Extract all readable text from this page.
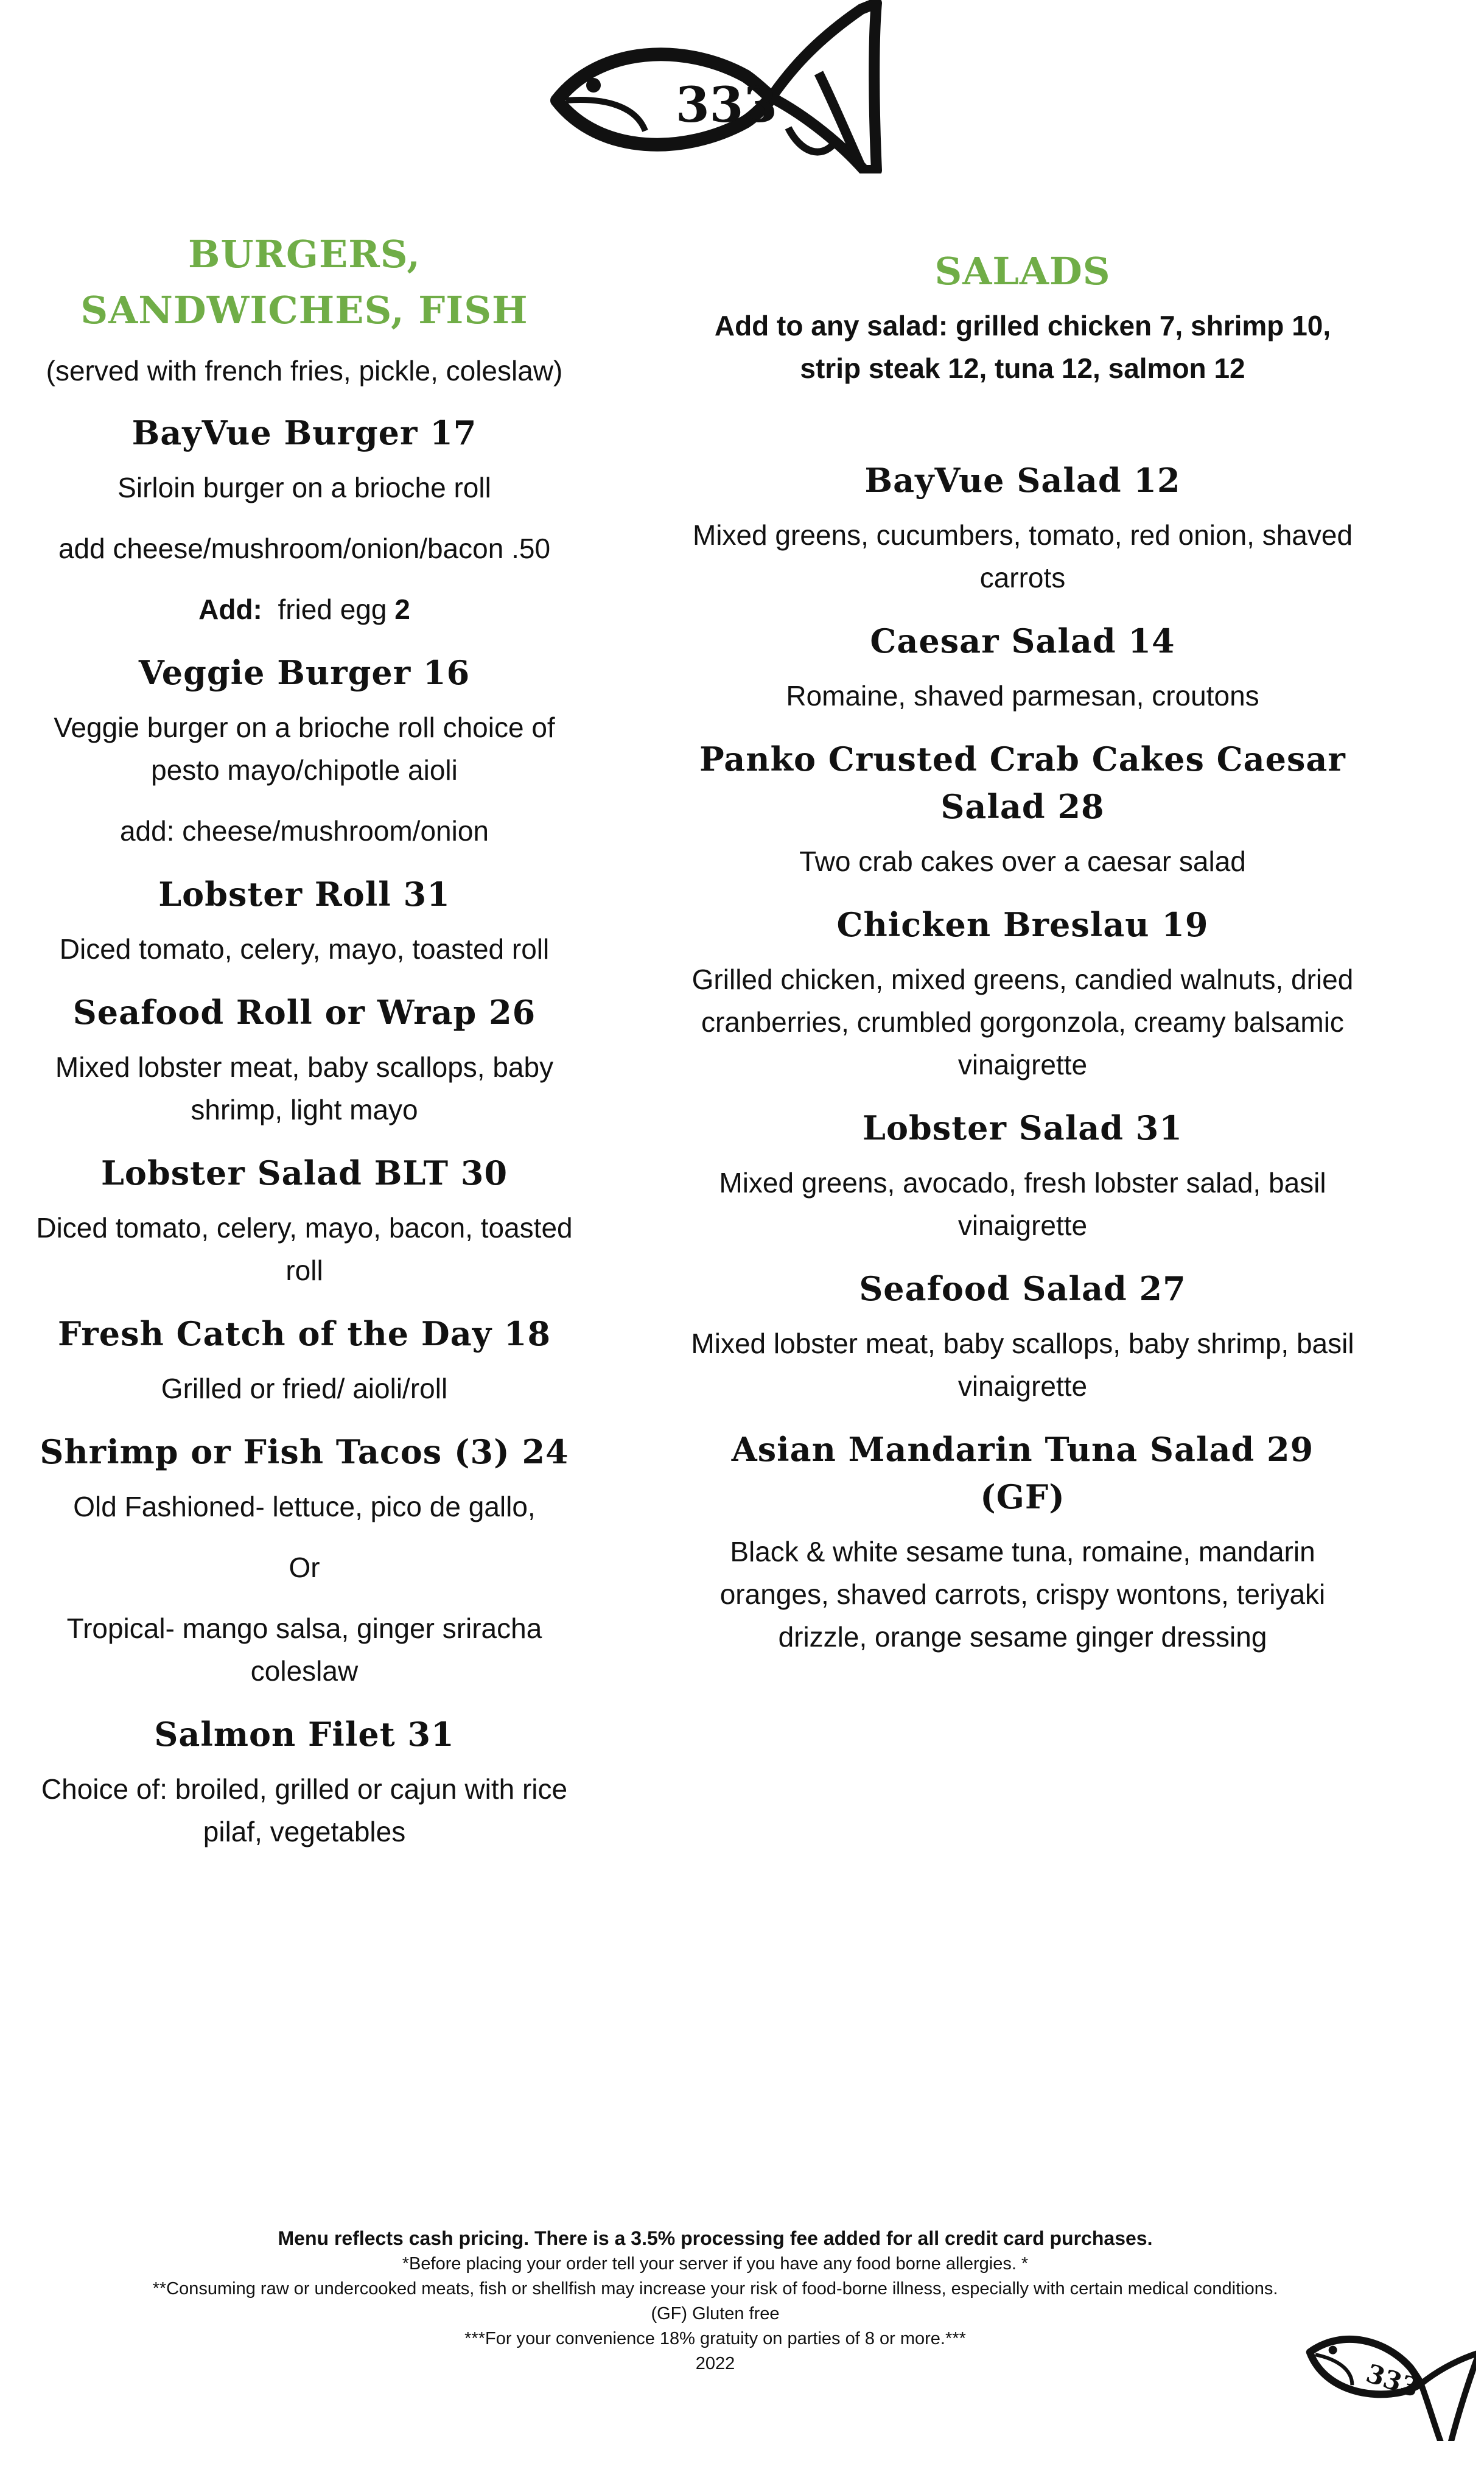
333
BURGERS, SANDWICHES, FISH

(served with french fries, pickle, coleslaw)

BayVue Burger 17

Sirloin burger on a brioche roll

add cheese/mushroom/onion/bacon .50

Add: fried egg 2

Veggie Burger 16

Veggie burger on a brioche roll choice of pesto mayo/chipotle aioli

add: cheese/mushroom/onion

Lobster Roll 31

Diced tomato, celery, mayo, toasted roll

Seafood Roll or Wrap 26

Mixed lobster meat, baby scallops, baby shrimp, light mayo

Lobster Salad BLT 30

Diced tomato, celery, mayo, bacon, toasted roll

Fresh Catch of the Day 18

Grilled or fried/ aioli/roll

Shrimp or Fish Tacos (3) 24

Old Fashioned- lettuce, pico de gallo,

Or

Tropical- mango salsa, ginger sriracha coleslaw

Salmon Filet 31

Choice of: broiled, grilled or cajun with rice pilaf, vegetables

SALADS

Add to any salad: grilled chicken 7, shrimp 10, strip steak 12, tuna 12, salmon 12

BayVue Salad 12

Mixed greens, cucumbers, tomato, red onion, shaved carrots

Caesar Salad 14

Romaine, shaved parmesan, croutons

Panko Crusted Crab Cakes Caesar Salad 28

Two crab cakes over a caesar salad

Chicken Breslau 19

Grilled chicken, mixed greens, candied walnuts, dried cranberries, crumbled gorgonzola, creamy balsamic vinaigrette

Lobster Salad 31

Mixed greens, avocado, fresh lobster salad, basil vinaigrette

Seafood Salad 27

Mixed lobster meat, baby scallops, baby shrimp, basil vinaigrette

Asian Mandarin Tuna Salad 29 (GF)

Black & white sesame tuna, romaine, mandarin oranges, shaved carrots, crispy wontons, teriyaki drizzle, orange sesame ginger dressing

Menu reflects cash pricing. There is a 3.5% processing fee added for all credit card purchases.
*Before placing your order tell your server if you have any food borne allergies. *
**Consuming raw or undercooked meats, fish or shellfish may increase your risk of food-borne illness, especially with certain medical conditions.
(GF) Gluten free
***For your convenience 18% gratuity on parties of 8 or more.***
2022	333
